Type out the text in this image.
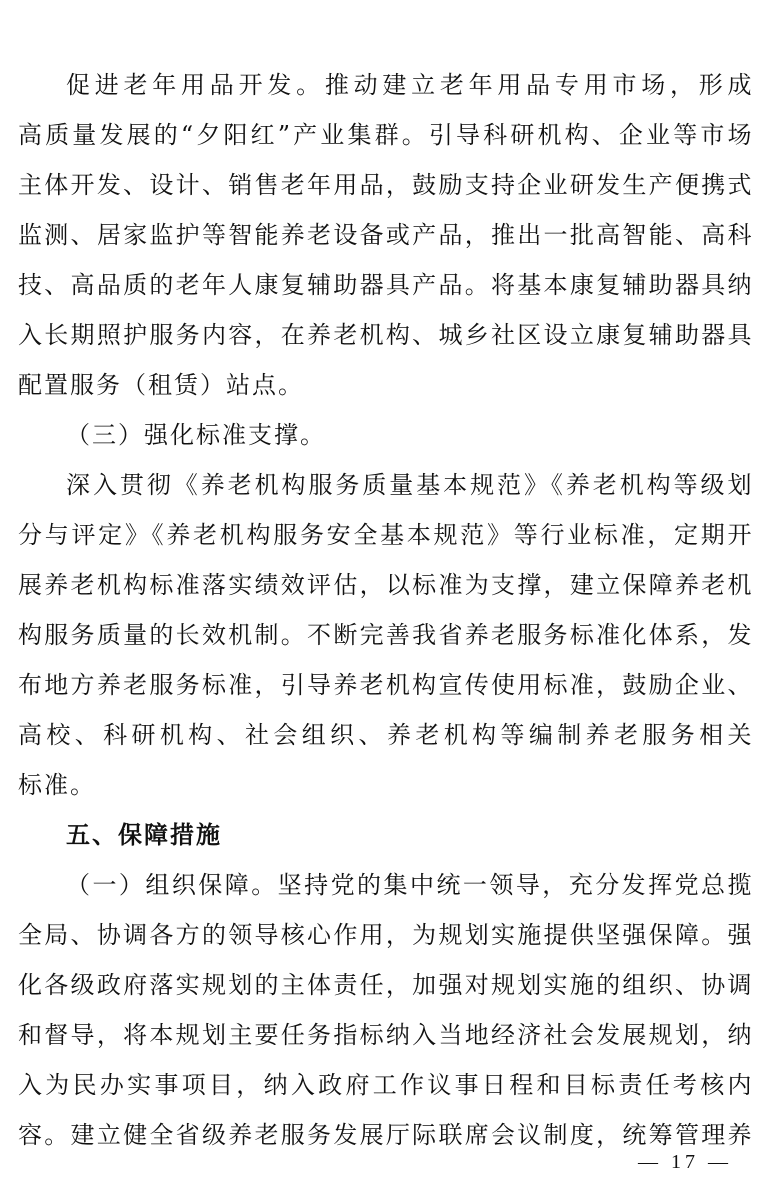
促进老年用品开发。推动建立老年用品专用市场，形成
高质量发展的“夕阳红”产业集群。引导科研机构、企业等市场
主体开发、设计、销售老年用品，鼓励支持企业研发生产便携式
监测、居家监护等智能养老设备或产品，推出一批高智能、高科
技、高品质的老年人康复辅助器具产品。将基本康复辅助器具纳
入长期照护服务内容，在养老机构、城乡社区设立康复辅助器具
配置服务（租赁）站点。
（三）强化标准支撑。
深入贯彻《养老机构服务质量基本规范》《养老机构等级划
分与评定》《养老机构服务安全基本规范》等行业标准，定期开
展养老机构标准落实绩效评估，以标准为支撑，建立保障养老机
构服务质量的长效机制。不断完善我省养老服务标准化体系，发
布地方养老服务标准，引导养老机构宣传使用标准，鼓励企业、
高校、科研机构、社会组织、养老机构等编制养老服务相关
标准。
五、保障措施
（一）组织保障。坚持党的集中统一领导，充分发挥党总揽
全局、协调各方的领导核心作用，为规划实施提供坚强保障。强
化各级政府落实规划的主体责任，加强对规划实施的组织、协调
和督导，将本规划主要任务指标纳入当地经济社会发展规划，纳
入为民办实事项目，纳入政府工作议事日程和目标责任考核内
容。建立健全省级养老服务发展厅际联席会议制度，统筹管理养
— 17 —
